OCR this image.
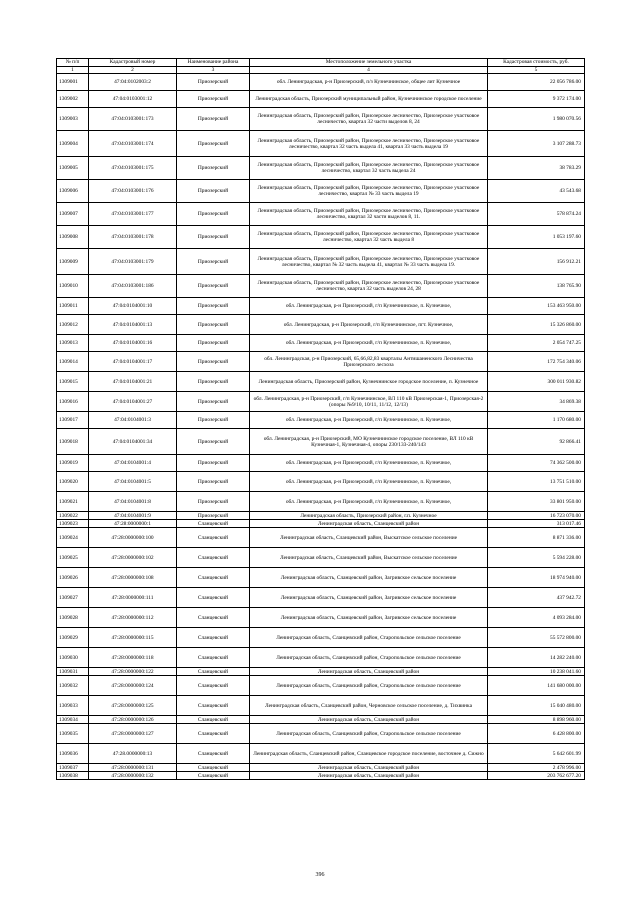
№ п/п	Кадастровый номер	Наименование района	Местоположение земельного участка	Кадастровая стоимость, руб.
1	2	3	4	5
1309001	47:04:0102003:2	Приозерский	обл. Ленинградская, р-н Приозерский, п/з Кузнечнинское, общее лит Кузнечное	22 056 786.00
1309002	47:04:0103001:12	Приозерский	Ленинградская область, Приозерский муниципальный район, Кузнечнинское городское поселение	9 372 174.00
1309003	47:04:0103001:173	Приозерский	Ленинградская область, Приозерский район, Приозерское лесничество, Приозерское участковое лесничество, квартал 32 части выделов 8, 24	1 980 070.56
1309004	47:04:0103001:174	Приозерский	Ленинградская область, Приозерский район, Приозерское лесничество, Приозерское участковое лесничество, квартал 32 часть выдела 41, квартал 33 часть выдела 19	3 107 288.73
1309005	47:04:0103001:175	Приозерский	Ленинградская область, Приозерский район, Приозерское лесничество, Приозерское участковое лесничество, квартал 32 часть выдела 24	38 783.29
1309006	47:04:0103001:176	Приозерский	Ленинградская область, Приозерский район, Приозерское лесничество, Приозерское участковое лесничество, квартал № 33 часть выдела 19	43 543.68
1309007	47:04:0103001:177	Приозерский	Ленинградская область, Приозерский район, Приозерское лесничество, Приозерское участковое лесничество, квартал 32 части выделов 8, 11.	578 874.24
1309008	47:04:0103001:178	Приозерский	Ленинградская область, Приозерский район, Приозерское лесничество, Приозерское участковое лесничество, квартал 32 часть выдела 8	1 053 197.60
1309009	47:04:0103001:179	Приозерский	Ленинградская область, Приозерский район, Приозерское лесничество, Приозерское участковое лесничество, квартал № 32 часть выдела 41, квартал № 33 часть выдела 19.	156 912.21
1309010	47:04:0103001:186	Приозерский	Ленинградская область, Приозерский район, Приозерское лесничество, Приозерское участковое лесничество, квартал 32 часть выделов 24, 28	138 765.90
1309011	47:04:0104001:10	Приозерский	обл. Ленинградская, р-н Приозерский, г/п Кузнечнинское, п. Кузнечное,	153 463 950.00
1309012	47:04:0104001:13	Приозерский	обл. Ленинградская, р-н Приозерский, г/п Кузнечнинское, пгт. Кузнечное,	15 326 860.00
1309013	47:04:0104001:16	Приозерский	обл. Ленинградская, р-н Приозерский, г/п Кузнечнинское, п. Кузнечное,	2 054 747.25
1309014	47:04:0104001:17	Приозерский	обл. Ленинградская, р-н Приозерский, 65,66,82,83 кварталы Антишаненского Лесничества Приозерского лесхоза	172 754 340.06
1309015	47:04:0104001:21	Приозерский	Ленинградская область, Приозерский район, Кузнечнинское городское поселение, п. Кузнечное	300 011 930.82
1309016	47:04:0104001:27	Приозерский	обл. Ленинградская, р-н Приозерский, г/п Кузнечнинское, ВЛ 110 кВ Приозерская-1, Приозерская-2 (опоры №9/10, 10/11, 11/12, 12/13)	34 869.38
1309017	47:04:0104001:3	Приозерский	обл. Ленинградская, р-н Приозерский, г/п Кузнечнинское, п. Кузнечное,	1 170 680.00
1309018	47:04:0104001:34	Приозерский	обл. Ленинградская, р-н Приозерский, МО Кузнечнинское городское поселение, ВЛ 110 кВ Кузнечная-1, Кузнечная-4, опоры 230/133-240/143	92 866.41
1309019	47:04:0104001:4	Приозерский	обл. Ленинградская, р-н Приозерский, г/п Кузнечнинское, п. Кузнечное,	74 362 500.00
1309020	47:04:0104001:5	Приозерский	обл. Ленинградская, р-н Приозерский, г/п Кузнечнинское, п. Кузнечное,	13 751 510.00
1309021	47:04:0104001:8	Приозерский	обл. Ленинградская, р-н Приозерский, г/п Кузнечнинское, п. Кузнечное,	33 801 950.00
1309022	47:04:0104001:9	Приозерский	Ленинградская область, Приозерский район, г.п. Кузнечное	16 723 070.00
1309023	47:28:0000000:1	Сланцевский	Ленинградская область, Сланцевский район	313 017.46
1309024	47:28:0000000:100	Сланцевский	Ленинградская область, Сланцевский район, Выскатское сельское поселение	8 871 336.00
1309025	47:28:0000000:102	Сланцевский	Ленинградская область, Сланцевский район, Выскатское сельское поселение	5 594 228.00
1309026	47:28:0000000:108	Сланцевский	Ленинградская область, Сланцевский район, Загривское сельское поселение	18 974 940.00
1309027	47:28:0000000:111	Сланцевский	Ленинградская область, Сланцевский район, Загривское сельское поселение	437 942.72
1309028	47:28:0000000:112	Сланцевский	Ленинградская область, Сланцевский район, Загривское сельское поселение	4 093 284.00
1309029	47:28:0000000:115	Сланцевский	Ленинградская область, Сланцевский район, Старопольское сельское поселение	55 572 800.00
1309030	47:28:0000000:118	Сланцевский	Ленинградская область, Сланцевский район, Старопольское сельское поселение	14 282 240.00
1309031	47:28:0000000:122	Сланцевский	Ленинградская область, Сланцевский район	10 238 041.60
1309032	47:28:0000000:124	Сланцевский	Ленинградская область, Сланцевский район, Старопольское сельское поселение	141 680 000.00
1309033	47:28:0000000:125	Сланцевский	Ленинградская область, Сланцевский район, Черновское сельское поселение, д. Тихвинка	15 040 480.00
1309034	47:28:0000000:126	Сланцевский	Ленинградская область, Сланцевский район	8 898 960.00
1309035	47:28:0000000:127	Сланцевский	Ленинградская область, Сланцевский район, Старопольское сельское поселение	6 428 800.00
1309036	47:28.0000000:13	Сланцевский	Ленинградская область, Сланцевский район, Сланцевское городское поселение, восточнее д. Сижно	5 642 601.99
1309037	47:28:0000000:131	Сланцевский	Ленинградская область, Сланцевский район	2 478 996.00
1309038	47:28:0000000:132	Сланцевский	Ленинградская область, Сланцевский район	203 762 677.20
396
